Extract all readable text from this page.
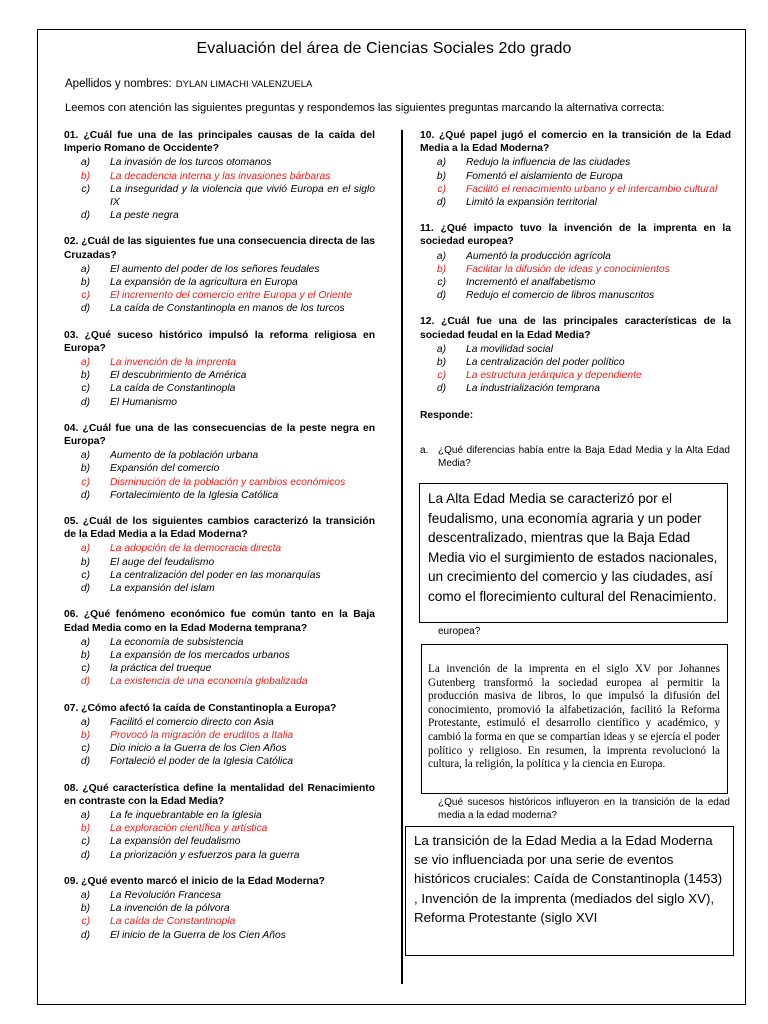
Evaluación del área de Ciencias Sociales 2do grado
Apellidos y nombres: DYLAN LIMACHI VALENZUELA
Leemos con atención las siguientes preguntas y respondemos las siguientes preguntas marcando la alternativa correcta:
01. ¿Cuál fue una de las principales causas de la caída del Imperio Romano de Occidente?
a)	La invasión de los turcos otomanos
b)	La decadencia interna y las invasiones bárbaras
c)	La inseguridad y la violencia que vivió Europa en el siglo IX
d)	La peste negra
02. ¿Cuál de las siguientes fue una consecuencia directa de las Cruzadas?
a)	El aumento del poder de los señores feudales
b)	La expansión de la agricultura en Europa
c)	El incremento del comercio entre Europa y el Oriente
d)	La caída de Constantinopla en manos de los turcos
03. ¿Qué suceso histórico impulsó la reforma religiosa en Europa?
a)	La invención de la imprenta
b)	El descubrimiento de América
c)	La caída de Constantinopla
d)	El Humanismo
04. ¿Cuál fue una de las consecuencias de la peste negra en Europa?
a)	Aumento de la población urbana
b)	Expansión del comercio
c)	Disminución de la población y cambios económicos
d)	Fortalecimiento de la Iglesia Católica
05. ¿Cuál de los siguientes cambios caracterizó la transición de la Edad Media a la Edad Moderna?
a)	La adopción de la democracia directa
b)	El auge del feudalismo
c)	La centralización del poder en las monarquías
d)	La expansión del islam
06. ¿Qué fenómeno económico fue común tanto en la Baja Edad Media como en la Edad Moderna temprana?
a)	La economía de subsistencia
b)	La expansión de los mercados urbanos
c)	la práctica del trueque
d)	La existencia de una economía globalizada
07. ¿Cómo afectó la caída de Constantinopla a Europa?
a)	Facilitó el comercio directo con Asia
b)	Provocó la migración de eruditos a Italia
c)	Dio inicio a la Guerra de los Cien Años
d)	Fortaleció el poder de la Iglesia Católica
08. ¿Qué característica define la mentalidad del Renacimiento en contraste con la Edad Media?
a)	La fe inquebrantable en la Iglesia
b)	La exploración científica y artística
c)	La expansión del feudalismo
d)	La priorización y esfuerzos para la guerra
09. ¿Qué evento marcó el inicio de la Edad Moderna?
a)	La Revolución Francesa
b)	La invención de la pólvora
c)	La caída de Constantinopla
d)	El inicio de la Guerra de los Cien Años
10. ¿Qué papel jugó el comercio en la transición de la Edad Media a la Edad Moderna?
a)	Redujo la influencia de las ciudades
b)	Fomentó el aislamiento de Europa
c)	Facilitó el renacimiento urbano y el intercambio cultural
d)	Limitó la expansión territorial
11. ¿Qué impacto tuvo la invención de la imprenta en la sociedad europea?
a)	Aumentó la producción agrícola
b)	Facilitar la difusión de ideas y conocimientos
c)	Incrementó el analfabetismo
d)	Redujo el comercio de libros manuscritos
12. ¿Cuál fue una de las principales características de la sociedad feudal en la Edad Media?
a)	La movilidad social
b)	La centralización del poder político
c)	La estructura jerárquica y dependiente
d)	La industrialización temprana
Responde:
a. ¿Qué diferencias había entre la Baja Edad Media y la Alta Edad Media?
La Alta Edad Media se caracterizó por el feudalismo, una economía agraria y un poder descentralizado, mientras que la Baja Edad Media vio el surgimiento de estados nacionales, un crecimiento del comercio y las ciudades, así como el florecimiento cultural del Renacimiento.
europea?
La invención de la imprenta en el siglo XV por Johannes Gutenberg transformó la sociedad europea al permitir la producción masiva de libros, lo que impulsó la difusión del conocimiento, promovió la alfabetización, facilitó la Reforma Protestante, estimuló el desarrollo científico y académico, y cambió la forma en que se compartían ideas y se ejercía el poder político y religioso. En resumen, la imprenta revolucionó la cultura, la religión, la política y la ciencia en Europa.
¿Qué sucesos históricos influyeron en la transición de la edad media a la edad moderna?
La transición de la Edad Media a la Edad Moderna se vio influenciada por una serie de eventos históricos cruciales: Caída de Constantinopla (1453) , Invención de la imprenta (mediados del siglo XV), Reforma Protestante (siglo XVI
